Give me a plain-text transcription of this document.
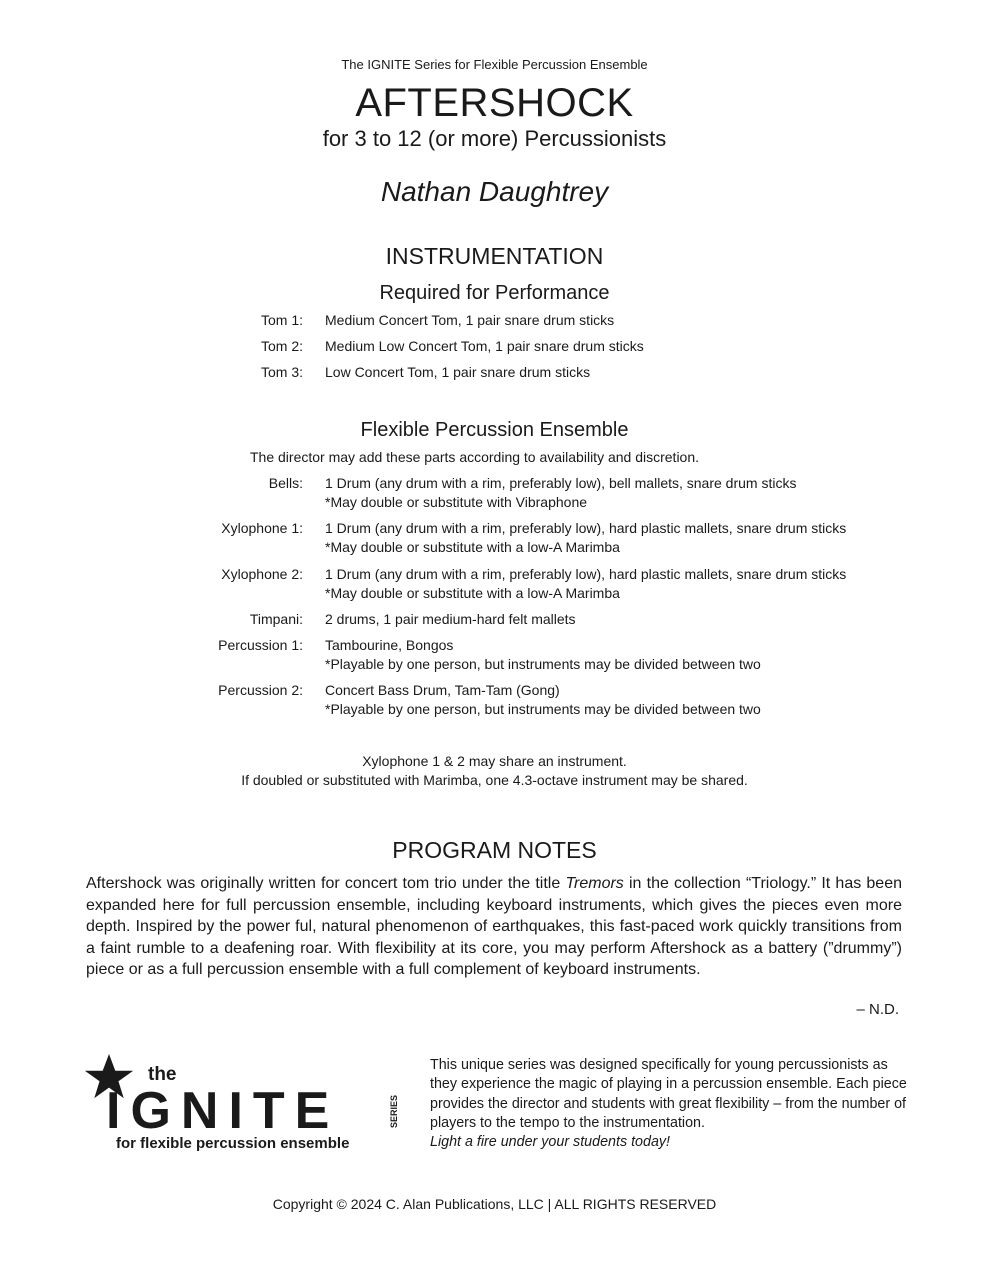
The IGNITE Series for Flexible Percussion Ensemble
AFTERSHOCK
for 3 to 12 (or more) Percussionists
Nathan Daughtrey
INSTRUMENTATION
Required for Performance
Tom 1: Medium Concert Tom, 1 pair snare drum sticks
Tom 2: Medium Low Concert Tom, 1 pair snare drum sticks
Tom 3: Low Concert Tom, 1 pair snare drum sticks
Flexible Percussion Ensemble
The director may add these parts according to availability and discretion.
Bells: 1 Drum (any drum with a rim, preferably low), bell mallets, snare drum sticks
*May double or substitute with Vibraphone
Xylophone 1: 1 Drum (any drum with a rim, preferably low), hard plastic mallets, snare drum sticks
*May double or substitute with a low-A Marimba
Xylophone 2: 1 Drum (any drum with a rim, preferably low), hard plastic mallets, snare drum sticks
*May double or substitute with a low-A Marimba
Timpani: 2 drums, 1 pair medium-hard felt mallets
Percussion 1: Tambourine, Bongos
*Playable by one person, but instruments may be divided between two
Percussion 2: Concert Bass Drum, Tam-Tam (Gong)
*Playable by one person, but instruments may be divided between two
Xylophone 1 & 2 may share an instrument.
If doubled or substituted with Marimba, one 4.3-octave instrument may be shared.
PROGRAM NOTES
Aftershock was originally written for concert tom trio under the title Tremors in the collection “Triology.” It has been expanded here for full percussion ensemble, including keyboard instruments, which gives the pieces even more depth. Inspired by the power ful, natural phenomenon of earthquakes, this fast-paced work quickly transitions from a faint rumble to a deafening roar. With flexibility at its core, you may perform Aftershock as a battery (”drummy”) piece or as a full percussion ensemble with a full complement of keyboard instruments.
– N.D.
the
IGNITE	SERIES
for flexible percussion ensemble
This unique series was designed specifically for young percussionists as they experience the magic of playing in a percussion ensemble. Each piece provides the director and students with great flexibility – from the number of players to the tempo to the instrumentation.
Light a fire under your students today!
Copyright © 2024 C. Alan Publications, LLC | ALL RIGHTS RESERVED
